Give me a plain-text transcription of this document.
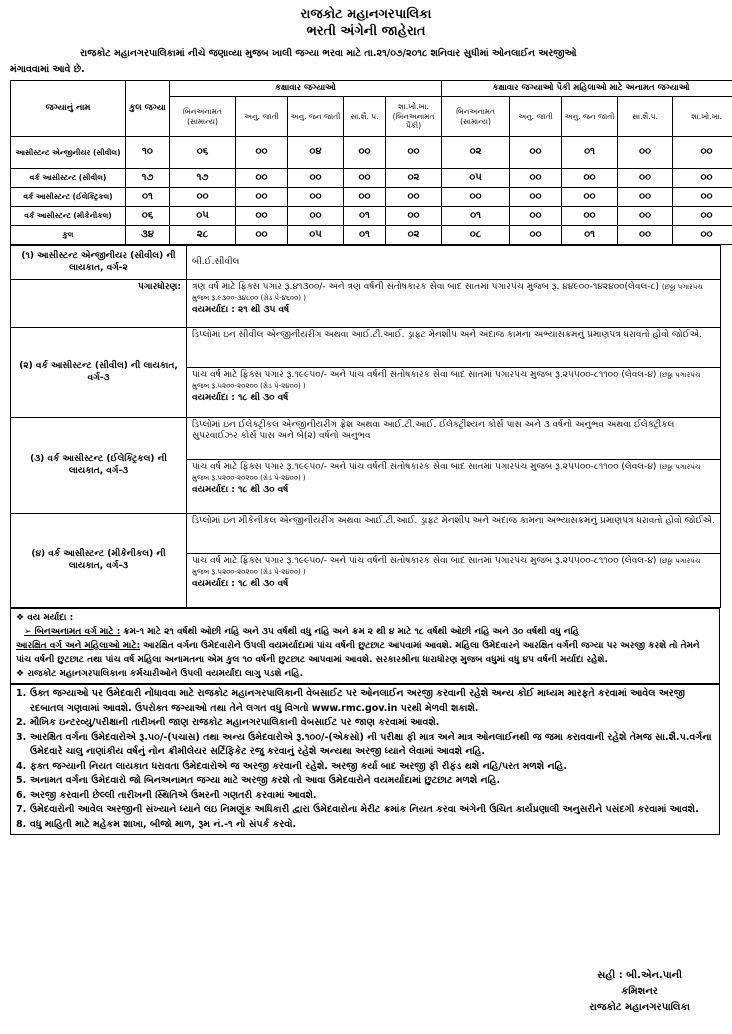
રાજકોટ મહાનગરપાલિકા
ભરતી અંગેની જાહેરાત
રાજકોટ મહાનગરપાલિકામાં નીચે જણાવ્યા મુજબ ખાલી જગ્યા ભરવા માટે તા.૨૧/૦૭/૨૦૧૮ શનિવાર સુધીમાં ઓનલાઈન અરજીઓ
મંગાવવામાં આવે છે.
જગ્યાનું નામ	કુલ જગ્યા	કક્ષાવાર જગ્યાઓ					કક્ષાવાર જગ્યાઓ પૈકી મહિલાઓ માટે અનામત જગ્યાઓ				
		બિનઅનામત (સામાન્ય)	અનુ. જાતી	અનુ. જન જાતી	સા.શૈ. પ.	શા.ખો.ખા. (બિનઅનામત પૈકી)	બિનઅનામત (સામાન્ય)	અનુ. જાતી	અનુ. જન જાતી	સા.શૈ.પ.	શા.ખો.ખા.
આસીસ્ટન્ટ એન્જીનીયર (સીવીલ)	૧૦	૦૬	૦૦	૦૪	૦૦	૦૦	૦૨	૦૦	૦૧	૦૦	૦૦
વર્ક આસીસ્ટન્ટ (સીવીલ)	૧૭	૧૭	૦૦	૦૦	૦૦	૦૨	૦૫	૦૦	૦૦	૦૦	૦૦
વર્ક આસીસ્ટન્ટ (ઈલેક્ટ્રિકલ)	૦૧	૦૦	૦૦	૦૦	૦૦	૦૦	૦૦	૦૦	૦૦	૦૦	૦૦
વર્ક આસીસ્ટન્ટ (મીકેનીકલ)	૦૬	૦૫	૦૦	૦૦	૦૧	૦૦	૦૧	૦૦	૦૦	૦૦	૦૦
કુલ	૩૪	૨૮	૦૦	૦૫	૦૧	૦૨	૦૮	૦૦	૦૧	૦૦	૦૦
(૧) આસીસ્ટન્ટ એન્જીનીયર (સીવીલ) ની લાયકાત, વર્ગ-૨	બી.ઈ.સીવીલ
પગારધોરણ:	ત્રણ વર્ષ માટે ફિક્સ પગાર રૂ.૪૧૩૦૦/- અને ત્રણ વર્ષની સંતોષકારક સેવા બાદ સાતમાં પગારપંચ મુજબ રૂ. ૪૪૯૦૦-૧૪૨૪૦૦(લેવલ-૮) (છઠ્ઠા પગારપંચ મુજબ રૂ.૯૩૦૦-૩૪૮૦૦ (ગ્રેડ પે-૪૬૦૦) )
વયમર્યાદા : ૨૧ થી ૩૫ વર્ષ
(૨) વર્ક આસીસ્ટન્ટ (સીવીલ) ની લાયકાત, વર્ગ-૩	ડિપ્લોમાં ઇન સીવીલ એન્જીનીયરીંગ અથવા આઈ.ટી.આઈ. ડ્રાફ્ટ મેનશીપ અને અંદાજ કામના અભ્યાસક્રમનું પ્રમાણપત્ર ધરાવતો હોવો જોઈએ.
	પાંચ વર્ષ માટે ફિક્સ પગાર રૂ.૧૯૯૫૦/- અને પાંચ વર્ષની સંતોષકારક સેવા બાદ સાતમાં પગારપંચ મુજબ રૂ.૨૫૫૦૦-૮૧૧૦૦ (લેવલ-૪) (છઠ્ઠા પગારપંચ મુજબ રૂ.૫૨૦૦-૨૦૨૦૦ (ગ્રેડ પે-૨૪૦૦) )
વયમર્યાદા : ૧૮ થી ૩૦ વર્ષ
(૩) વર્ક આસીસ્ટન્ટ (ઈલેક્ટ્રિકલ) ની લાયકાત, વર્ગ-૩	ડિપ્લોમાં ઇન ઈલેક્ટ્રીકલ એન્જીનીયરીંગ ફ્રેશ અથવા આઈ.ટી.આઈ. ઈલેક્ટ્રીશ્યન કોર્સ પાસ અને ૩ વર્ષનો અનુભવ અથવા ઈલેક્ટ્રીકલ સુપરવાઈઝર કોર્સ પાસ અને બે(૨) વર્ષનો અનુભવ
	પાંચ વર્ષ માટે ફિક્સ પગાર રૂ.૧૯૯૫૦/- અને પાંચ વર્ષની સંતોષકારક સેવા બાદ સાતમાં પગારપંચ મુજબ રૂ.૨૫૫૦૦-૮૧૧૦૦ (લેવલ-૪) (છઠ્ઠા પગારપંચ મુજબ રૂ.૫૨૦૦-૨૦૨૦૦ (ગ્રેડ પે-૨૪૦૦) )
વયમર્યાદા : ૧૮ થી ૩૦ વર્ષ
(૪) વર્ક આસીસ્ટન્ટ (મીકેનીકલ) ની લાયકાત, વર્ગ-૩	ડિપ્લોમાં ઇન મીકેનીકલ એન્જીનીયરીંગ અથવા આઈ.ટી.આઈ. ડ્રાફ્ટ મેનશીપ અને અંદાજ કામના અભ્યાસક્રમનું પ્રમાણપત્ર ધરાવતો હોવો જોઈએ.
	પાંચ વર્ષ માટે ફિક્સ પગાર રૂ.૧૯૯૫૦/- અને પાંચ વર્ષની સંતોષકારક સેવા બાદ સાતમાં પગારપંચ મુજબ રૂ.૨૫૫૦૦-૮૧૧૦૦ (લેવલ-૪) (છઠ્ઠા પગારપંચ મુજબ રૂ.૫૨૦૦-૨૦૨૦૦ (ગ્રેડ પે-૨૪૦૦) )
વયમર્યાદા : ૧૮ થી ૩૦ વર્ષ
❖ વય મર્યાદા :
➢ બિનઅનામત વર્ગ માટે : ક્રમ-૧ માટે ૨૧ વર્ષથી ઓછી નહિ અને ૩૫ વર્ષથી વધુ નહિ અને ક્રમ ૨ થી ૪ માટે ૧૮ વર્ષથી ઓછી નહિ અને ૩૦ વર્ષથી વધુ નહિ
આરક્ષિત વર્ગ અને મહિલાઓ માટે: આરક્ષિત વર્ગના ઉમેદવારોને ઉપલી વયમર્યાદામાં પાંચ વર્ષની છુટછાટ આપવામાં આવશે. મહિલા ઉમેદવારને આરક્ષિત વર્ગની જગ્યા પર અરજી કરશે તો તેમને પાંચ વર્ષની છુટછાટ તથા પાંચ વર્ષ મહિલા અનામતના એમ કુલ ૧૦ વર્ષની છુટછાટ આપવામાં આવશે. સરકારશ્રીના ધારાધોરણ મુજબ વધુમાં વધુ ૪૫ વર્ષની મર્યાદા રહેશે.
❖ રાજકોટ મહાનગરપાલિકાના કર્મચારીઓને ઉપલી વયમર્યાદા લાગુ પડશે નહિ.
1. ઉક્ત જગ્યાઓ પર ઉમેદવારી નોંધાવવા માટે રાજકોટ મહાનગરપાલિકાની વેબસાઈટ પર ઓનલાઈન અરજી કરવાની રહેશે અન્ય કોઈ માધ્યમ મારફતે કરવામાં આવેલ અરજી રદબાતલ ગણવામાં આવશે. ઉપરોક્ત જગ્યાઓ તથા તેને લગત વધુ વિગતો www.rmc.gov.in પરથી મેળવી શકાશે.
2. મૌખિક ઇન્ટરવ્યુ/પરીક્ષાની તારીખની જાણ રાજકોટ મહાનગરપાલિકાની વેબસાઈટ પર જાણ કરવામાં આવશે.
3. આરક્ષિત વર્ગના ઉમેદવારોએ રૂ.૫૦/-(પચાસ) તથા અન્ય ઉમેદવારોએ રૂ.૧૦૦/-(એકસો) ની પરીક્ષા ફી માત્ર અને માત્ર ઓનલાઈનથી જ જમા કરાવવાની રહેશે તેમજ સા.શૈ.પ.વર્ગના ઉમેદવારે ચાલુ નાણાંકીય વર્ષનું નોન ક્રીમીલેયર સર્ટિફિકેટ રજુ કરવાનું રહેશે અન્યથા અરજી ધ્યાને લેવામાં આવશે નહિ.
4. ફક્ત જગ્યાની નિયત લાયકાત ધરાવતા ઉમેદવારોએ જ અરજી કરવાની રહેશે. અરજી કર્યા બાદ અરજી ફી રીફંડ થશે નહિ/પરત મળશે નહિ.
5. અનામત વર્ગના ઉમેદવારો જો બિનઅનામત જગ્યા માટે અરજી કરશે તો આવા ઉમેદવારોને વયમર્યાદામાં છુટછાટ મળશે નહિ.
6. અરજી કરવાની છેલ્લી તારીખની સ્થિતિએ ઉમરની ગણતરી કરવામાં આવશે.
7. ઉમેદવારોની આવેલ અરજીની સંખ્યાને ધ્યાને લઇ નિમણૂંક અધિકારી દ્વારા ઉમેદવારોના મેરીટ ક્રમાંક નિયત કરવા અંગેની ઉચિત કાર્યપ્રણાલી અનુસરીને પસંદગી કરવામાં આવશે.
8. વધુ માહિતી માટે મહેકમ શાખા, બીજો માળ, રૂમ નં.-૧ નો સંપર્ક કરવો.
સહી : બી.એન.પાની
કમિશનર
રાજકોટ મહાનગરપાલિકા
